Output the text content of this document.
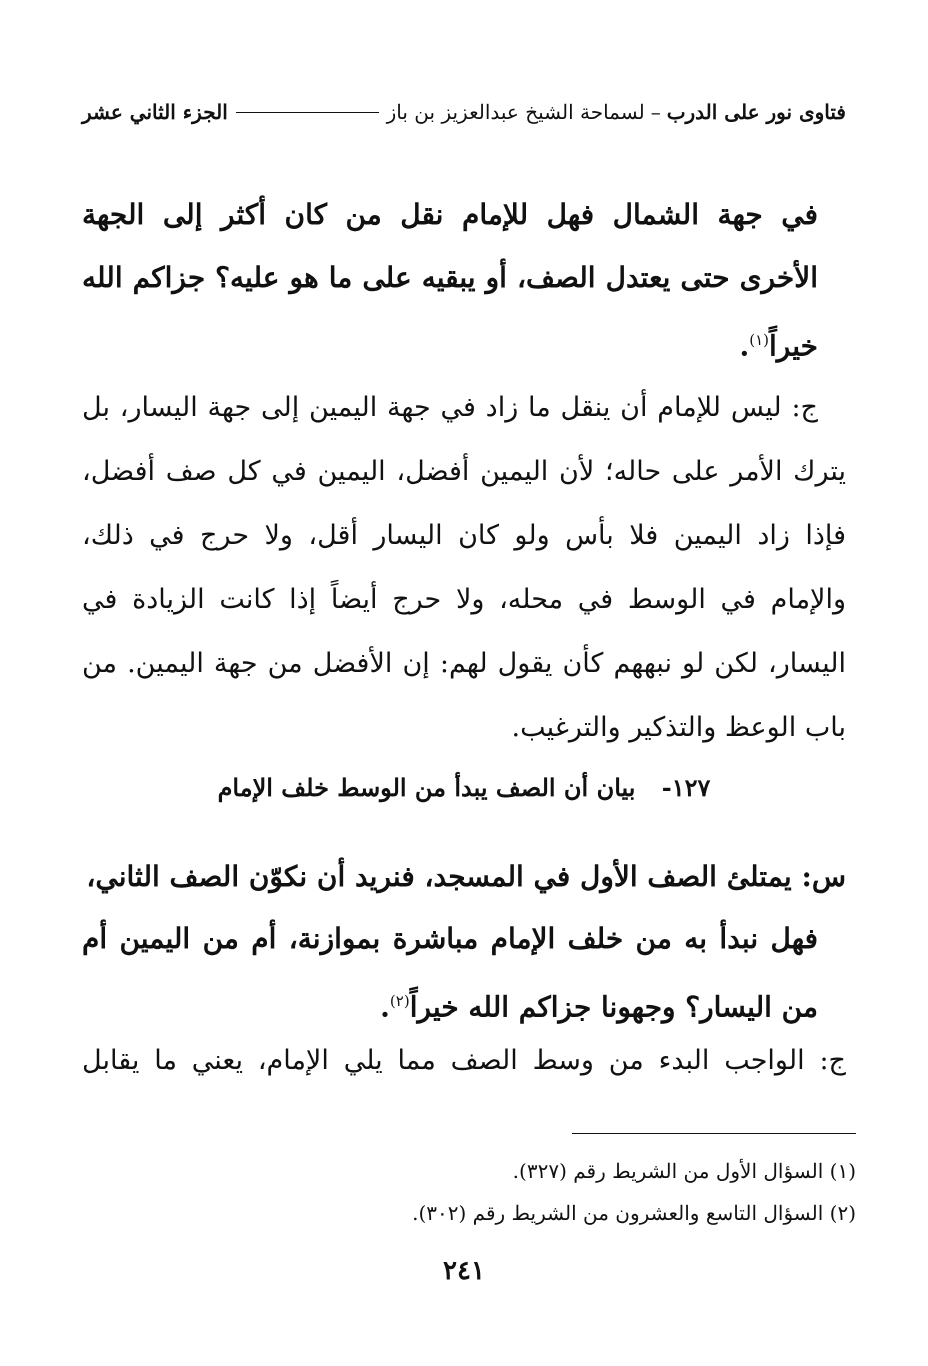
فتاوى نور على الدرب
–
لسماحة الشيخ عبدالعزيز بن باز
الجزء الثاني عشر
في جهة الشمال فهل للإمام نقل من كان أكثر إلى الجهة الأخرى حتى يعتدل الصف، أو يبقيه على ما هو عليه؟ جزاكم الله خيراً$^{(١)}$.
ج: ليس للإمام أن ينقل ما زاد في جهة اليمين إلى جهة اليسار، بل يترك الأمر على حاله؛ لأن اليمين أفضل، اليمين في كل صف أفضل، فإذا زاد اليمين فلا بأس ولو كان اليسار أقل، ولا حرج في ذلك، والإمام في الوسط في محله، ولا حرج أيضاً إذا كانت الزيادة في اليسار، لكن لو نبههم كأن يقول لهم: إن الأفضل من جهة اليمين. من باب الوعظ والتذكير والترغيب.
١٢٧- بيان أن الصف يبدأ من الوسط خلف الإمام
س: يمتلئ الصف الأول في المسجد، فنريد أن نكوّن الصف الثاني،
فهل نبدأ به من خلف الإمام مباشرة بموازنة، أم من اليمين أم من اليسار؟ وجهونا جزاكم الله خيراً$^{(٢)}$.
ج: الواجب البدء من وسط الصف مما يلي الإمام، يعني ما يقابل
(١) السؤال الأول من الشريط رقم (٣٢٧).
(٢) السؤال التاسع والعشرون من الشريط رقم (٣٠٢).
٢٤١
